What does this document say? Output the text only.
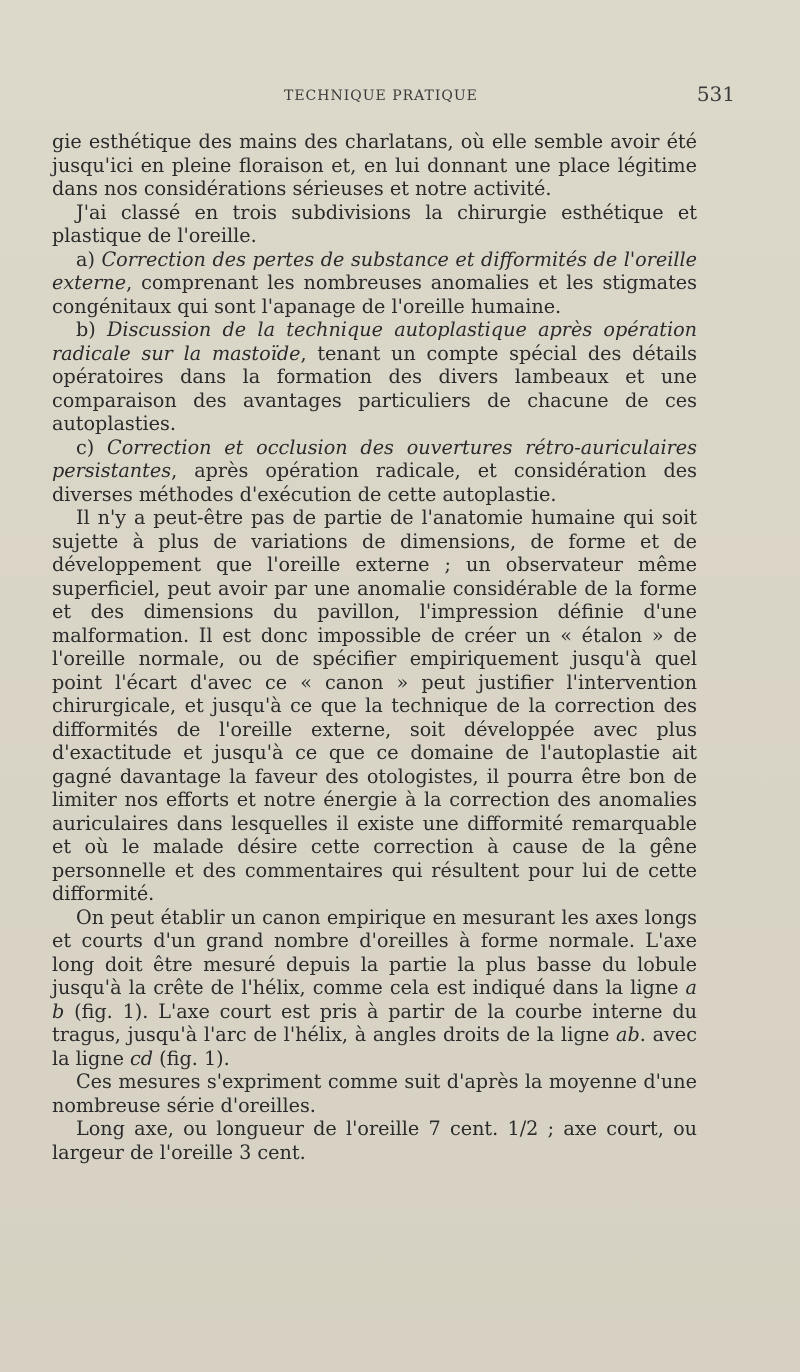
TECHNIQUE PRATIQUE	531

gie esthétique des mains des charlatans, où elle semble avoir été jusqu'ici en pleine floraison et, en lui donnant une place légitime dans nos considérations sérieuses et notre activité.

J'ai classé en trois subdivisions la chirurgie esthétique et plastique de l'oreille.

a) Correction des pertes de substance et difformités de l'oreille externe, comprenant les nombreuses anomalies et les stigmates congénitaux qui sont l'apanage de l'oreille humaine.

b) Discussion de la technique autoplastique après opération radicale sur la mastoïde, tenant un compte spécial des détails opératoires dans la formation des divers lambeaux et une comparaison des avantages particuliers de chacune de ces autoplasties.

c) Correction et occlusion des ouvertures rétro-auriculaires persistantes, après opération radicale, et considération des diverses méthodes d'exécution de cette autoplastie.

Il n'y a peut-être pas de partie de l'anatomie humaine qui soit sujette à plus de variations de dimensions, de forme et de développement que l'oreille externe ; un observateur même superficiel, peut avoir par une anomalie considérable de la forme et des dimensions du pavillon, l'impression définie d'une malformation. Il est donc impossible de créer un « étalon » de l'oreille normale, ou de spécifier empiriquement jusqu'à quel point l'écart d'avec ce « canon » peut justifier l'intervention chirurgicale, et jusqu'à ce que la technique de la correction des difformités de l'oreille externe, soit développée avec plus d'exactitude et jusqu'à ce que ce domaine de l'autoplastie ait gagné davantage la faveur des otologistes, il pourra être bon de limiter nos efforts et notre énergie à la correction des anomalies auriculaires dans lesquelles il existe une difformité remarquable et où le malade désire cette correction à cause de la gêne personnelle et des commentaires qui résultent pour lui de cette difformité.

On peut établir un canon empirique en mesurant les axes longs et courts d'un grand nombre d'oreilles à forme normale. L'axe long doit être mesuré depuis la partie la plus basse du lobule jusqu'à la crête de l'hélix, comme cela est indiqué dans la ligne a b (fig. 1). L'axe court est pris à partir de la courbe interne du tragus, jusqu'à l'arc de l'hélix, à angles droits de la ligne ab. avec la ligne cd (fig. 1).

Ces mesures s'expriment comme suit d'après la moyenne d'une nombreuse série d'oreilles.

Long axe, ou longueur de l'oreille 7 cent. 1/2 ; axe court, ou largeur de l'oreille 3 cent.
